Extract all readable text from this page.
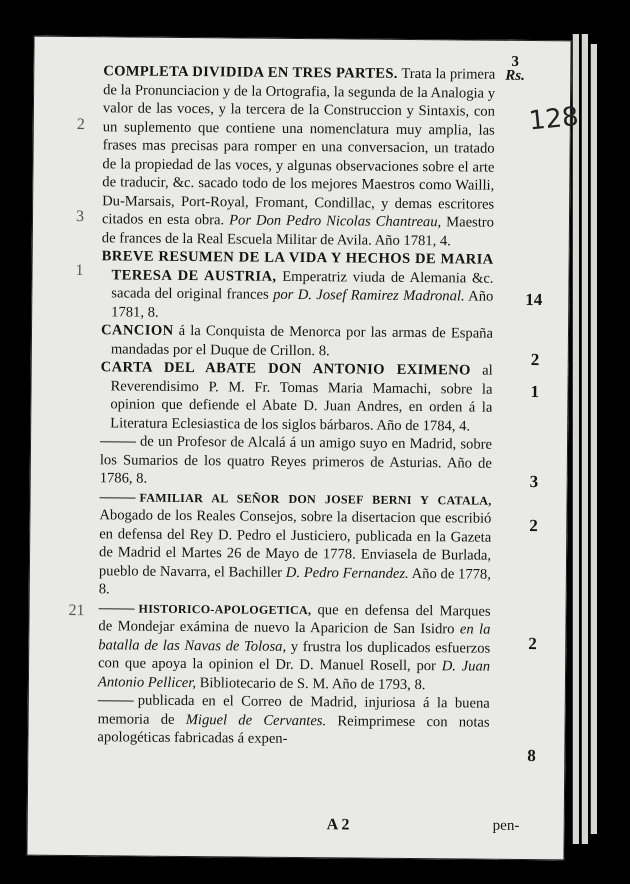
3
Rs.
128
2
3
1
21
14
2
1
3
2
2
8

COMPLETA DIVIDIDA EN TRES PARTES. Trata la primera de la Pronunciacion y de la Ortografia, la segunda de la Analogia y valor de las voces, y la tercera de la Construccion y Sintaxis, con un suplemento que contiene una nomenclatura muy amplia, las frases mas precisas para romper en una conversacion, un tratado de la propiedad de las voces, y algunas observaciones sobre el arte de traducir, &c. sacado todo de los mejores Maestros como Wailli, Du-Marsais, Port-Royal, Fromant, Condillac, y demas escritores citados en esta obra. Por Don Pedro Nicolas Chantreau, Maestro de frances de la Real Escuela Militar de Avila. Año 1781, 4.

BREVE RESUMEN DE LA VIDA Y HECHOS DE MARIA TERESA DE AUSTRIA, Emperatriz viuda de Alemania &c. sacada del original frances por D. Josef Ramirez Madronal. Año 1781, 8.

CANCION á la Conquista de Menorca por las armas de España mandadas por el Duque de Crillon. 8.

CARTA DEL ABATE DON ANTONIO EXIMENO al Reverendisimo P. M. Fr. Tomas Maria Mamachi, sobre la opinion que defiende el Abate D. Juan Andres, en orden á la Literatura Eclesiastica de los siglos bárbaros. Año de 1784, 4.

de un Profesor de Alcalá á un amigo suyo en Madrid, sobre los Sumarios de los quatro Reyes primeros de Asturias. Año de 1786, 8.

FAMILIAR AL SEÑOR DON JOSEF BERNI Y CATALA, Abogado de los Reales Consejos, sobre la disertacion que escribió en defensa del Rey D. Pedro el Justiciero, publicada en la Gazeta de Madrid el Martes 26 de Mayo de 1778. Enviasela de Burlada, pueblo de Navarra, el Bachiller D. Pedro Fernandez. Año de 1778, 8.

HISTORICO-APOLOGETICA, que en defensa del Marques de Mondejar exámina de nuevo la Aparicion de San Isidro en la batalla de las Navas de Tolosa, y frustra los duplicados esfuerzos con que apoya la opinion el Dr. D. Manuel Rosell, por D. Juan Antonio Pellicer, Bibliotecario de S. M. Año de 1793, 8.

publicada en el Correo de Madrid, injuriosa á la buena memoria de Miguel de Cervantes. Reimprimese con notas apologéticas fabricadas á expen-

A 2	pen-
